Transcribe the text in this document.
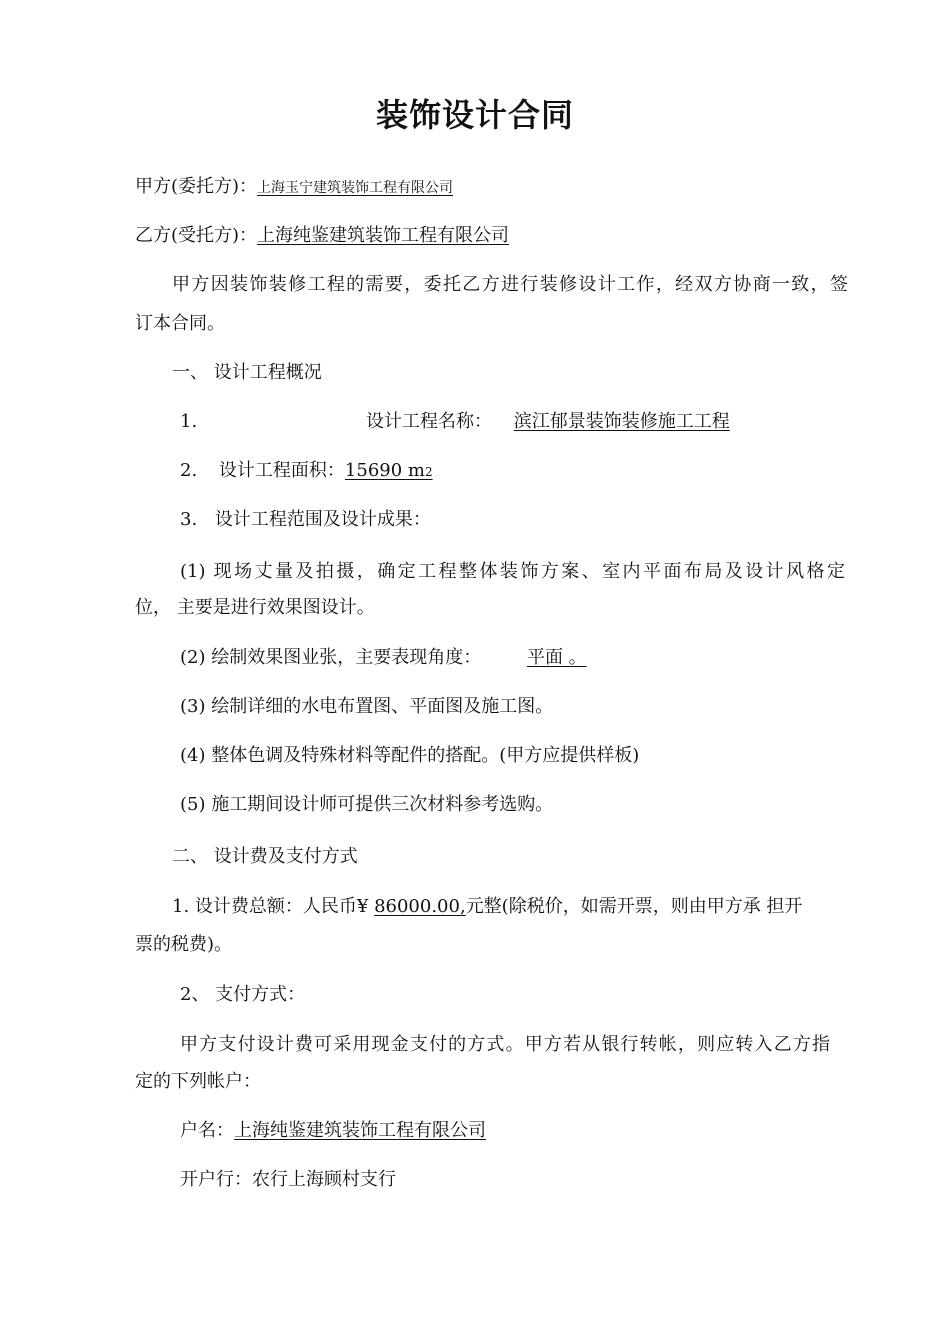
装饰设计合同
甲方(委托方)：上海玉宁建筑装饰工程有限公司
乙方(受托方)：上海纯鉴建筑装饰工程有限公司
甲方因装饰装修工程的需要，委托乙方进行装修设计工作，经双方协商一致，签
订本合同。
一、 设计工程概况
1.	设计工程名称： 滨江郁景装饰装修施工工程
2. 设计工程面积：15690 m2
3. 设计工程范围及设计成果：
(1) 现场丈量及拍摄，确定工程整体装饰方案、室内平面布局及设计风格定
位， 主要是进行效果图设计。
(2) 绘制效果图业张，主要表现角度：	平面 。
(3) 绘制详细的水电布置图、平面图及施工图。
(4) 整体色调及特殊材料等配件的搭配。(甲方应提供样板)
(5) 施工期间设计师可提供三次材料参考选购。
二、 设计费及支付方式
1. 设计费总额：人民币¥ 86000.00,元整(除税价，如需开票，则由甲方承 担开
票的税费)。
2、 支付方式：
甲方支付设计费可采用现金支付的方式。甲方若从银行转帐，则应转入乙方指
定的下列帐户：
户名：上海纯鉴建筑装饰工程有限公司
开户行：农行上海顾村支行
